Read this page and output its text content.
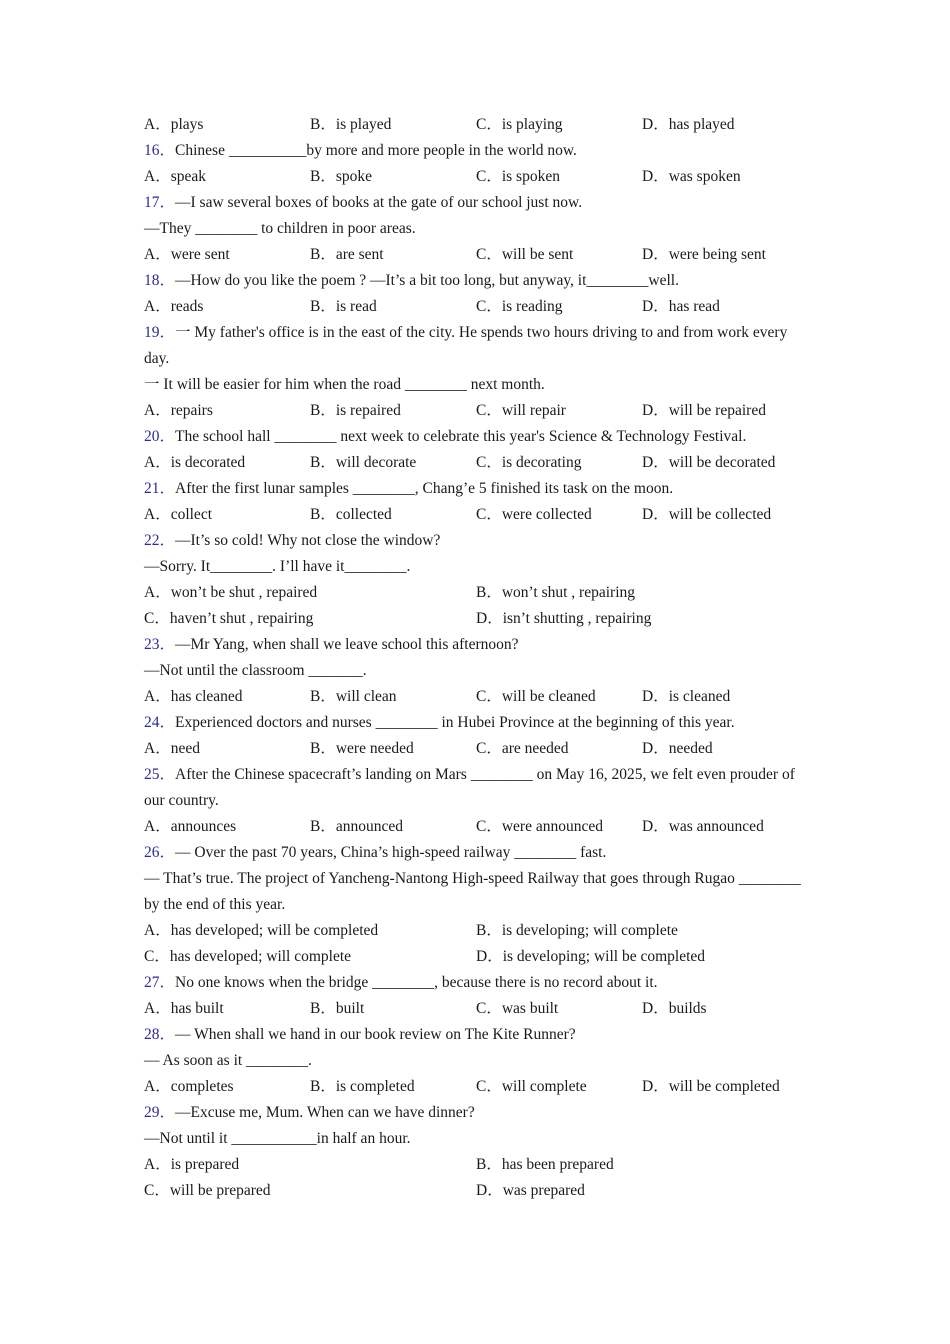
A．plays	B．is played	C．is playing	D．has played
16．Chinese __________by more and more people in the world now.
A．speak	B．spoke	C．is spoken	D．was spoken
17．—I saw several boxes of books at the gate of our school just now.
—They ________ to children in poor areas.
A．were sent	B．are sent	C．will be sent	D．were being sent
18．—How do you like the poem ? —It’s a bit too long, but anyway, it________well.
A．reads	B．is read	C．is reading	D．has read
19．一 My father's office is in the east of the city. He spends two hours driving to and from work every day.
一 It will be easier for him when the road ________ next month.
A．repairs	B．is repaired	C．will repair	D．will be repaired
20．The school hall ________ next week to celebrate this year's Science & Technology Festival.
A．is decorated	B．will decorate	C．is decorating	D．will be decorated
21．After the first lunar samples ________, Chang’e 5 finished its task on the moon.
A．collect	B．collected	C．were collected	D．will be collected
22．—It’s so cold! Why not close the window?
—Sorry. It________. I’ll have it________.
A．won’t be shut , repaired	B．won’t shut , repairing
C．haven’t shut , repairing	D．isn’t shutting , repairing
23．—Mr Yang, when shall we leave school this afternoon?
—Not until the classroom _______.
A．has cleaned	B．will clean	C．will be cleaned	D．is cleaned
24．Experienced doctors and nurses ________ in Hubei Province at the beginning of this year.
A．need	B．were needed	C．are needed	D．needed
25．After the Chinese spacecraft’s landing on Mars ________ on May 16, 2025, we felt even prouder of our country.
A．announces	B．announced	C．were announced	D．was announced
26．— Over the past 70 years, China’s high-speed railway ________ fast.
— That’s true. The project of Yancheng-Nantong High-speed Railway that goes through Rugao ________ by the end of this year.
A．has developed; will be completed	B．is developing; will complete
C．has developed; will complete	D．is developing; will be completed
27．No one knows when the bridge ________, because there is no record about it.
A．has built	B．built	C．was built	D．builds
28．— When shall we hand in our book review on The Kite Runner?
— As soon as it ________.
A．completes	B．is completed	C．will complete	D．will be completed
29．—Excuse me, Mum. When can we have dinner?
—Not until it ___________in half an hour.
A．is prepared	B．has been prepared
C．will be prepared	D．was prepared
